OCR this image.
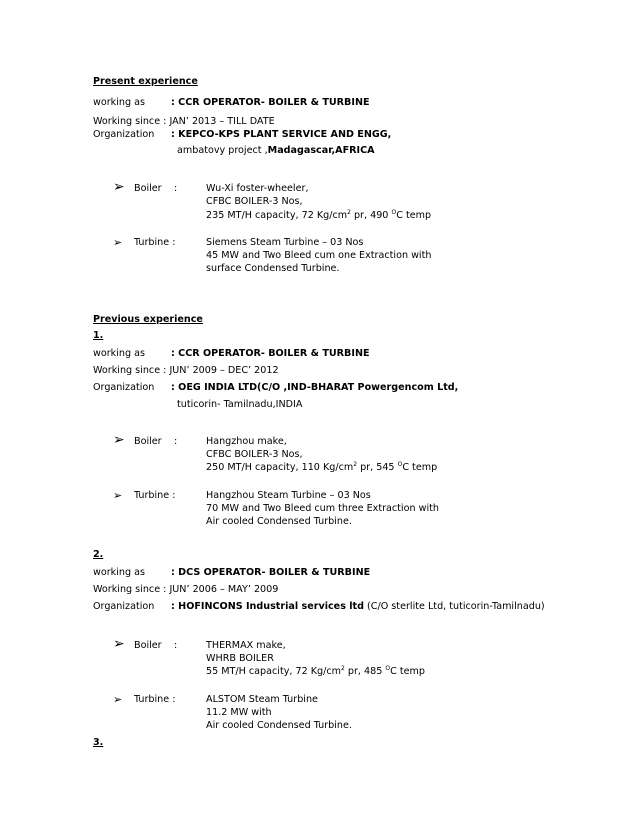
Present experience
working as	: CCR OPERATOR- BOILER & TURBINE
Working since : JAN’ 2013 – TILL DATE
Organization : KEPCO-KPS PLANT SERVICE AND ENGG,
ambatovy project ,Madagascar,AFRICA
➢ Boiler :	Wu-Xi foster-wheeler,
CFBC BOILER-3 Nos,
235 MT/H capacity, 72 $Kg/cm^2$ pr, 490 $^O$C temp
➢ Turbine :	Siemens Steam Turbine – 03 Nos
45 MW and Two Bleed cum one Extraction with
surface Condensed Turbine.
Previous experience
1.
working as	: CCR OPERATOR- BOILER & TURBINE
Working since : JUN’ 2009 – DEC’ 2012
Organization : OEG INDIA LTD(C/O ,IND-BHARAT Powergencom Ltd,
tuticorin- Tamilnadu,INDIA
➢ Boiler :	Hangzhou make,
CFBC BOILER-3 Nos,
250 MT/H capacity, 110 $Kg/cm^2$ pr, 545 $^O$C temp
➢ Turbine :	Hangzhou Steam Turbine – 03 Nos
70 MW and Two Bleed cum three Extraction with
Air cooled Condensed Turbine.
2.
working as	: DCS OPERATOR- BOILER & TURBINE
Working since : JUN’ 2006 – MAY’ 2009
Organization : HOFINCONS Industrial services ltd (C/O sterlite Ltd, tuticorin-Tamilnadu)
➢ Boiler :	THERMAX make,
WHRB BOILER
55 MT/H capacity, 72 $Kg/cm^2$ pr, 485 $^O$C temp
➢ Turbine :	ALSTOM Steam Turbine
11.2 MW with
Air cooled Condensed Turbine.
3.
